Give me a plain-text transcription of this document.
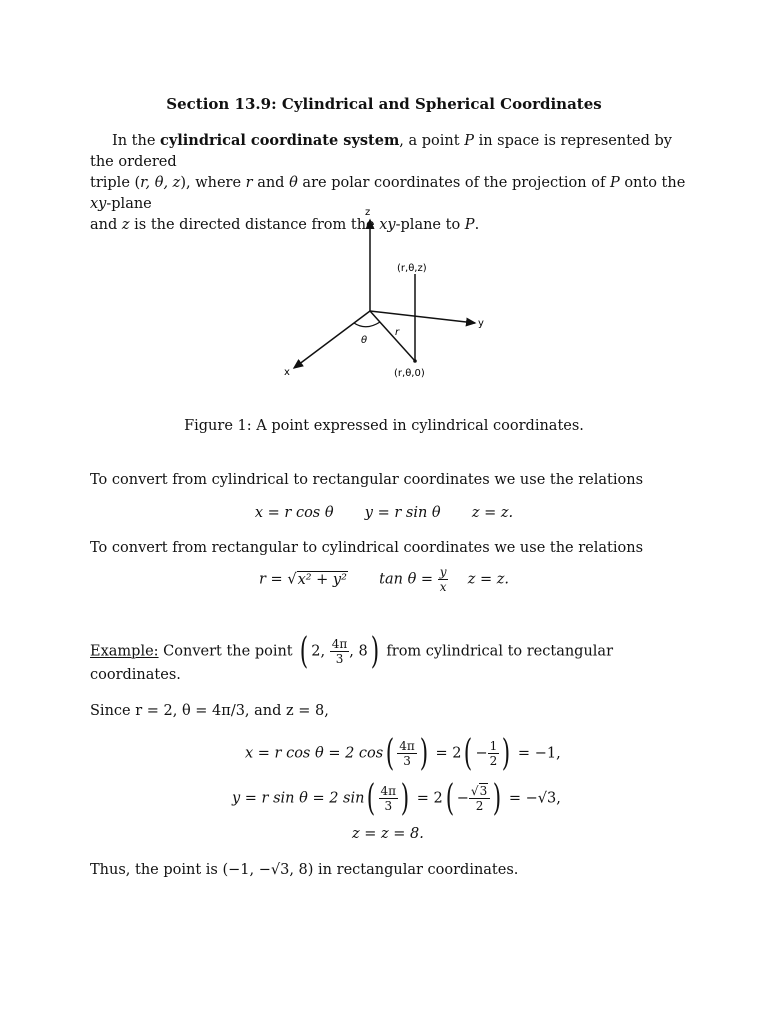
Section 13.9: Cylindrical and Spherical Coordinates
In the cylindrical coordinate system, a point P in space is represented by the ordered
triple (r, θ, z), where r and θ are polar coordinates of the projection of P onto the xy-plane
and z is the directed distance from the xy-plane to P.
z
y
x
r
θ
(r,θ,z)
(r,θ,0)
Figure 1: A point expressed in cylindrical coordinates.
To convert from cylindrical to rectangular coordinates we use the relations
x = r cos θ y = r sin θ z = z.
To convert from rectangular to cylindrical coordinates we use the relations
r = √x² + y² $\tan \theta = \frac{y}{x}$ z = z.
Example: Convert the point ( 2, $\frac{4\pi}{3}$ , 8) from cylindrical to rectangular coordinates.
Since r = 2, θ = 4π/3, and z = 8,
x = r cos θ = 2 $\cos( \frac{4\pi}{3}$ ) = $2( - \frac{1}{2}$ ) = −1,
y = r sin θ = 2 $\sin( \frac{4\pi}{3}$ ) = $2( - \frac{√3}{2}$ ) = −√3,
z = z = 8.
Thus, the point is (−1, −√3, 8) in rectangular coordinates.
